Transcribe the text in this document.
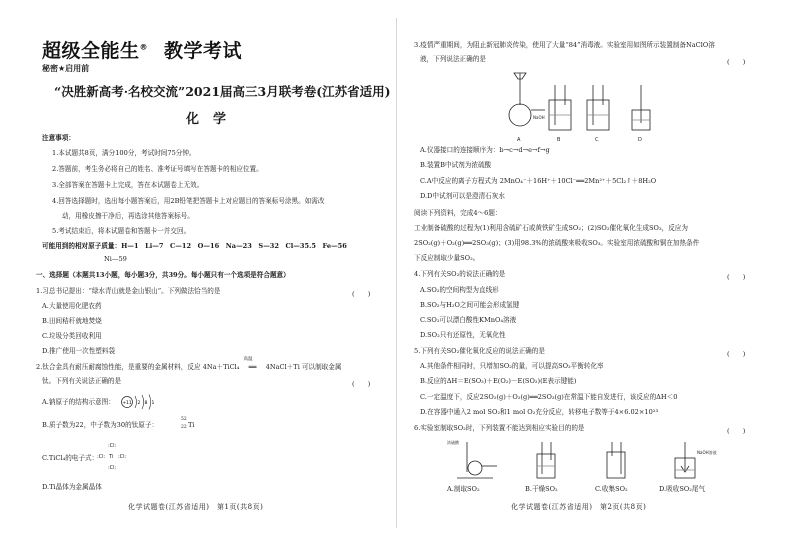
超级全能生® 教学考试
秘密★启用前
“决胜新高考·名校交流”2021届高三3月联考卷(江苏省适用)
化学
注意事项：
1.本试题共8页，满分100分，考试时间75分钟。
2.答题前，考生务必将自己的姓名、准考证号填写在答题卡的相应位置。
3.全部答案在答题卡上完成，答在本试题卷上无效。
4.回答选择题时，选出每小题答案后，用2B铅笔把答题卡上对应题目的答案标号涂黑。如需改
动，用橡皮擦干净后，再选涂其他答案标号。
5.考试结束后，将本试题卷和答题卡一并交回。
可能用到的相对原子质量：H—1　Li—7　C—12　O—16　Na—23　S—32　Cl—35.5　Fe—56
Ni—59
一、选择题（本题共13小题，每小题3分，共39分。每小题只有一个选项是符合题意）
1.习总书记提出：“绿水青山就是金山银山”。下列做法恰当的是	(　　)
A.大量使用化肥农药
B.田间秸秆就地焚烧
C.垃圾分类回收利用
D.推广使用一次性塑料袋
2.钛合金具有耐压耐腐蚀性能，是重要的金属材料，反应 4Na＋TiCl₄
高温
══ 4NaCl＋Ti 可以制取金属
钛。下列有关说法正确的是	(　　)
A.钠原子的结构示意图： +11 2 8 1
B.质子数为22，中子数为30的钛原子：
52
22 Ti
C.TiCl₄的电子式：
:Cl:
:Cl: Ti :Cl:
:Cl:
D.Ti晶体为金属晶体
化学试题卷(江苏省适用)　第1页(共8页)
3.疫情严重期间，为阻止新冠肺炎传染，使用了大量“84”消毒液。实验室用如图所示装置制备NaClO溶
液，下列说法正确的是	(　　)
A	B	C	D
NaOH
A.仪器接口的连接顺序为：b→c→d→e→f→g
B.装置B中试剂为浓硫酸
C.A中反应的离子方程式为 2MnO₄⁻＋16H⁺＋10Cl⁻══2Mn²⁺＋5Cl₂↑＋8H₂O
D.D中试剂可以是澄清石灰水
阅读下列资料，完成4～6题：
工业制备硫酸的过程为(1)利用含硫矿石或黄铁矿生成SO₂；(2)SO₂催化氧化生成SO₃，反应为
2SO₂(g)＋O₂(g)══2SO₃(g)；(3)用98.3%的浓硫酸来吸收SO₃。实验室用浓硫酸和铜在加热条件
下反应制取少量SO₂。
4.下列有关SO₂的说法正确的是	(　　)
A.SO₂的空间构型为直线形
B.SO₂与H₂O之间可能会形成氢键
C.SO₂可以漂白酸性KMnO₄溶液
D.SO₂只有还原性，无氧化性
5.下列有关SO₂催化氧化反应的说法正确的是	(　　)
A.其他条件相同时，只增加SO₂的量，可以提高SO₂平衡转化率
B.反应的ΔH＝E(SO₃)＋E(O₂)－E(SO₂)(E表示键能)
C.一定温度下，反应2SO₂(g)＋O₂(g)══2SO₃(g)在常温下能自发进行，该反应的ΔH＜0
D.在容器中通入2 mol SO₂和1 mol O₂充分反应，转移电子数等于4×6.02×10²³
6.实验室制取SO₂时，下列装置不能达到相应实验目的的是	(　　)
浓硫酸
NaOH溶液
A.制取SO₂	B.干燥SO₂	C.收集SO₂	D.吸收SO₂尾气
化学试题卷(江苏省适用)　第2页(共8页)
